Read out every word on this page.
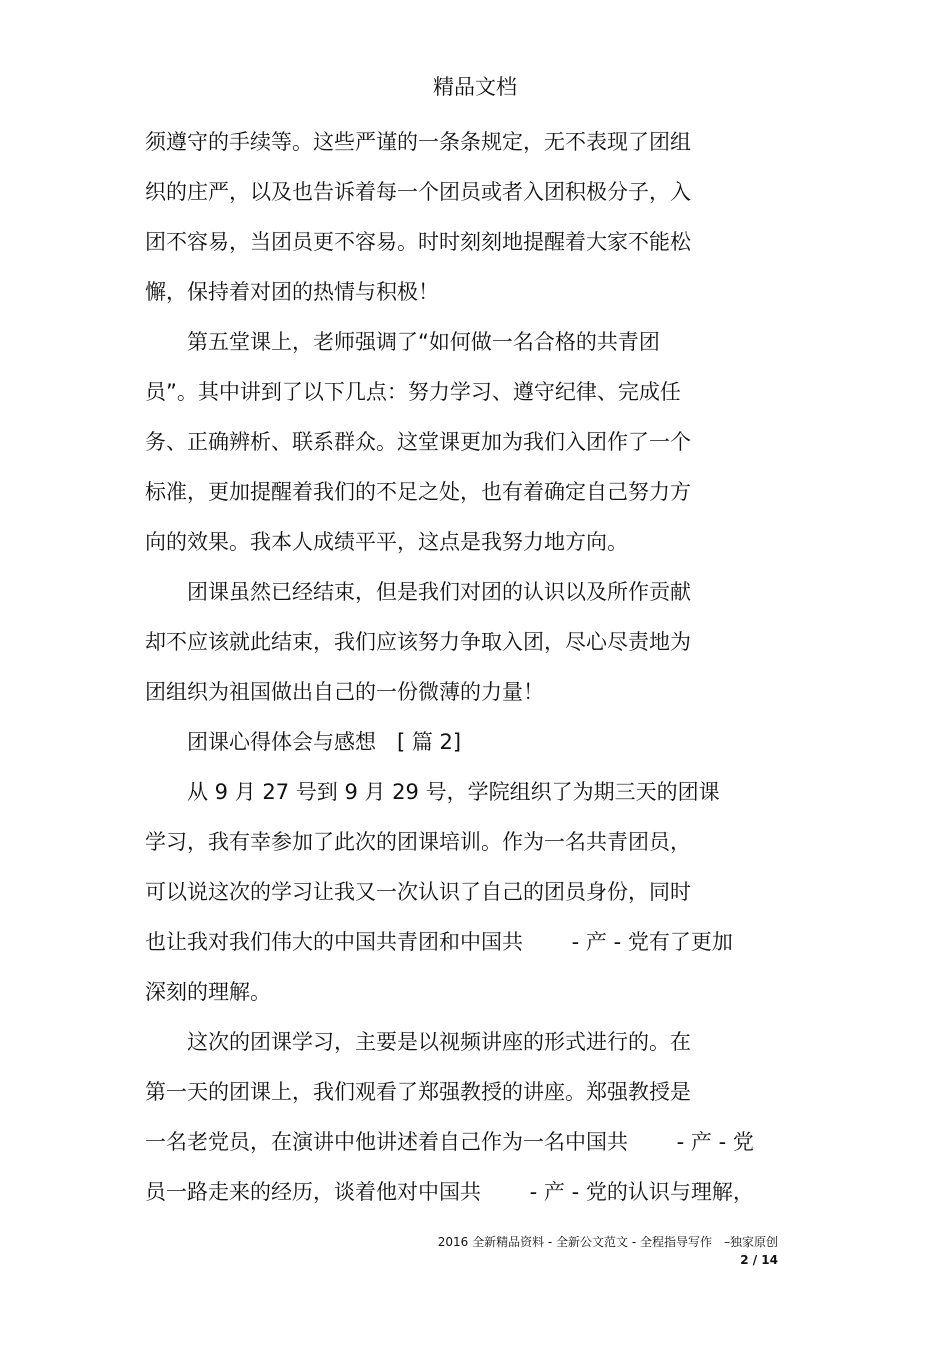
精品文档
须遵守的手续等。这些严谨的一条条规定，无不表现了团组
织的庄严，以及也告诉着每一个团员或者入团积极分子，入
团不容易，当团员更不容易。时时刻刻地提醒着大家不能松
懈，保持着对团的热情与积极！
　　第五堂课上，老师强调了“如何做一名合格的共青团
员”。其中讲到了以下几点：努力学习、遵守纪律、完成任
务、正确辨析、联系群众。这堂课更加为我们入团作了一个
标准，更加提醒着我们的不足之处，也有着确定自己努力方
向的效果。我本人成绩平平，这点是我努力地方向。
　　团课虽然已经结束，但是我们对团的认识以及所作贡献
却不应该就此结束，我们应该努力争取入团，尽心尽责地为
团组织为祖国做出自己的一份微薄的力量！
　　团课心得体会与感想　[ 篇 2]
　　从 9 月 27 号到 9 月 29 号，学院组织了为期三天的团课
学习，我有幸参加了此次的团课培训。作为一名共青团员，
可以说这次的学习让我又一次认识了自己的团员身份，同时
也让我对我们伟大的中国共青团和中国共　　 - 产 - 党有了更加
深刻的理解。
　　这次的团课学习，主要是以视频讲座的形式进行的。在
第一天的团课上，我们观看了郑强教授的讲座。郑强教授是
一名老党员，在演讲中他讲述着自己作为一名中国共　　 - 产 - 党
员一路走来的经历，谈着他对中国共　　 - 产 - 党的认识与理解，
2016 全新精品资料 - 全新公文范文 - 全程指导写作　–独家原创
2 / 14
